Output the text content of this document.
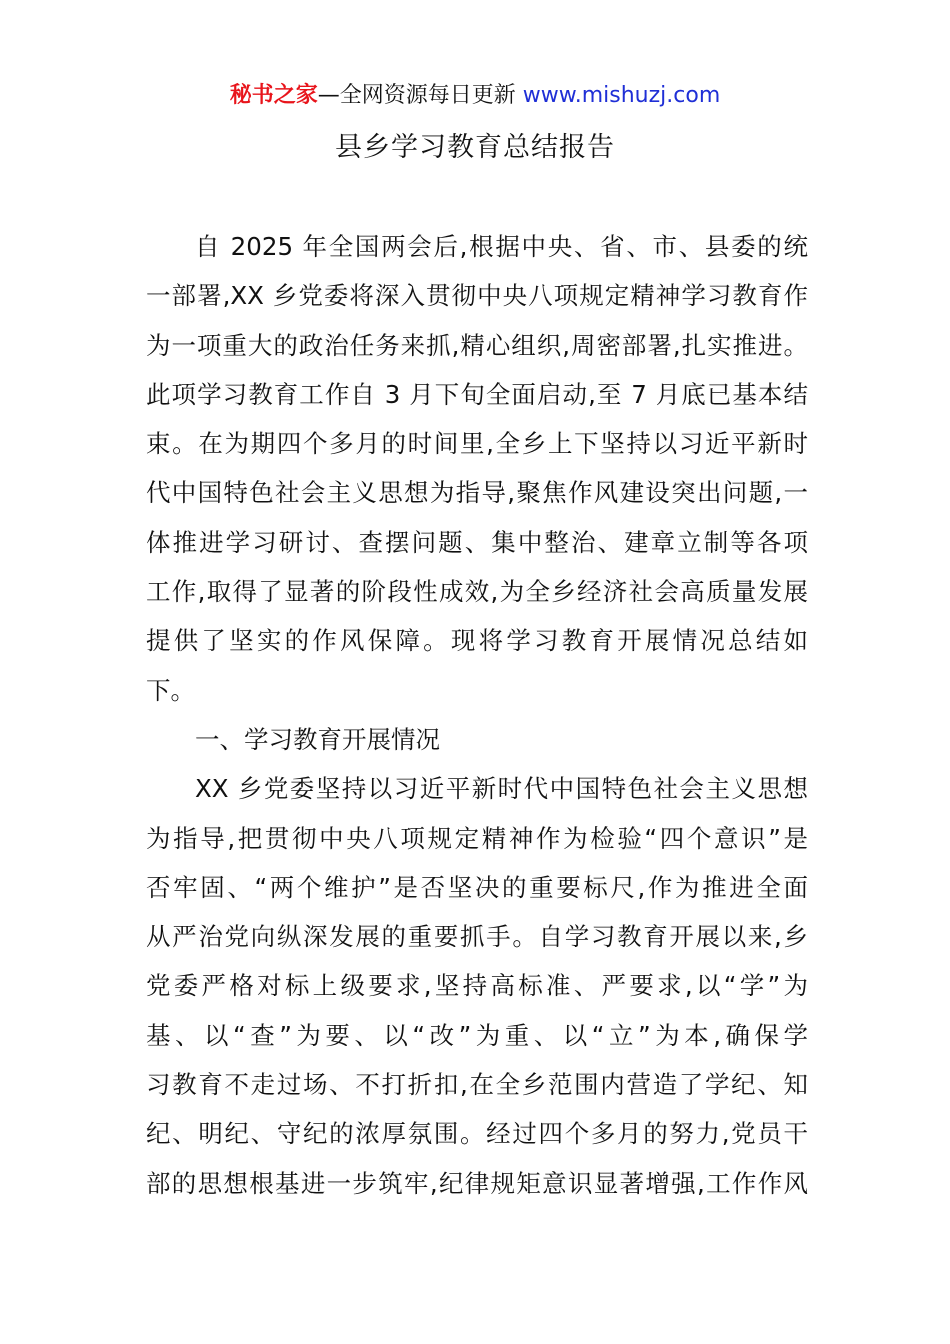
秘书之家—全网资源每日更新 www.mishuzj.com
县乡学习教育总结报告
自 2025 年全国两会后,根据中央、省、市、县委的统
一部署,XX 乡党委将深入贯彻中央八项规定精神学习教育作
为一项重大的政治任务来抓,精心组织,周密部署,扎实推进。
此项学习教育工作自 3 月下旬全面启动,至 7 月底已基本结
束。在为期四个多月的时间里,全乡上下坚持以习近平新时
代中国特色社会主义思想为指导,聚焦作风建设突出问题,一
体推进学习研讨、查摆问题、集中整治、建章立制等各项
工作,取得了显著的阶段性成效,为全乡经济社会高质量发展
提供了坚实的作风保障。现将学习教育开展情况总结如
下。
一、学习教育开展情况
XX 乡党委坚持以习近平新时代中国特色社会主义思想
为指导,把贯彻中央八项规定精神作为检验“四个意识”是
否牢固、“两个维护”是否坚决的重要标尺,作为推进全面
从严治党向纵深发展的重要抓手。自学习教育开展以来,乡
党委严格对标上级要求,坚持高标准、严要求,以“学”为
基、以“查”为要、以“改”为重、以“立”为本,确保学
习教育不走过场、不打折扣,在全乡范围内营造了学纪、知
纪、明纪、守纪的浓厚氛围。经过四个多月的努力,党员干
部的思想根基进一步筑牢,纪律规矩意识显著增强,工作作风
